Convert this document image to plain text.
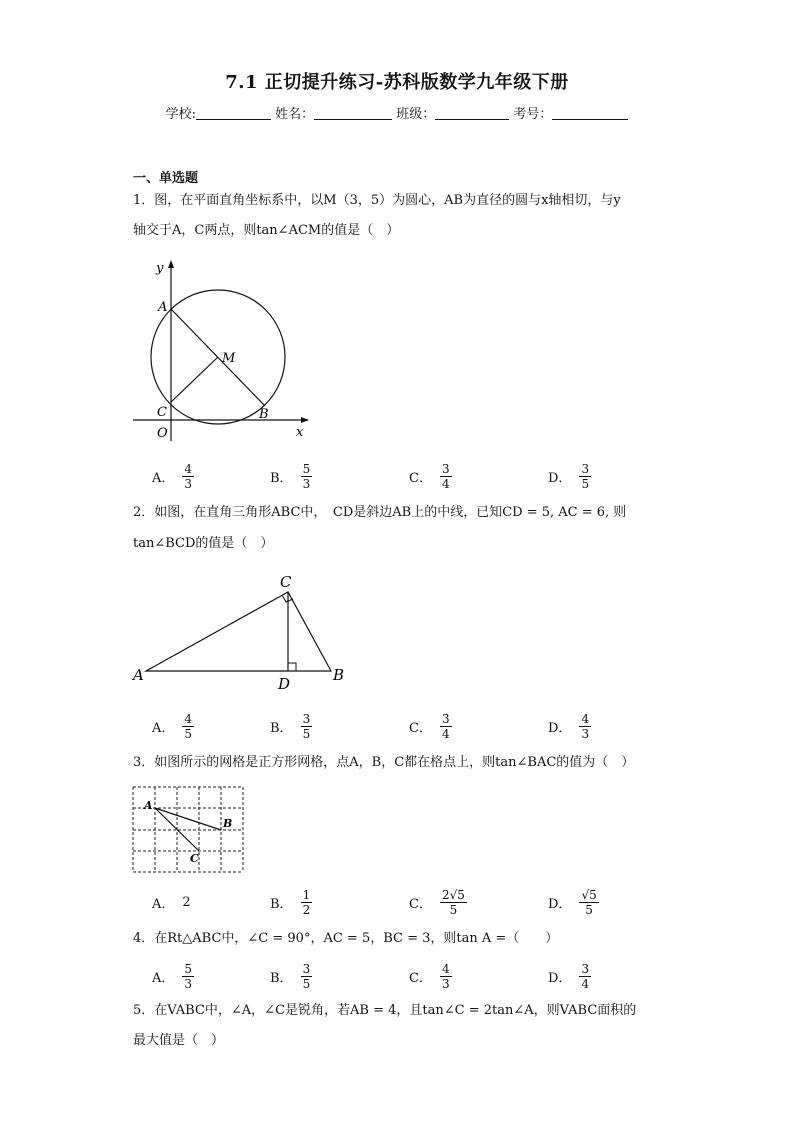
7.1 正切提升练习-苏科版数学九年级下册
学校:	姓名：	班级：	考号：
一、单选题
1．图，在平面直角坐标系中，以M（3，5）为圆心，AB为直径的圆与x轴相切，与y
轴交于A，C两点，则tan∠ACM的值是（　）
y
A
M
C	B
O	x
A． $\frac{4}{3}$	B． $\frac{5}{3}$	C． $\frac{3}{4}$	D． $\frac{3}{5}$
2．如图，在直角三角形ABC中，　CD是斜边AB上的中线，已知CD = 5, AC = 6, 则
tan∠BCD的值是（　）
A
C
D	B
A． $\frac{4}{5}$	B． $\frac{3}{5}$	C． $\frac{3}{4}$	D． $\frac{4}{3}$
3．如图所示的网格是正方形网格，点A，B，C都在格点上，则tan∠BAC的值为（　）
A
B
C
A． 2	B． $\frac{1}{2}$	C． $\frac{2√5}{5}$	D． $\frac{√5}{5}$
4．在Rt△ABC中，∠C = 90°，AC = 5，BC = 3，则tan A =（　　）
A． $\frac{5}{3}$	B． $\frac{3}{5}$	C． $\frac{4}{3}$	D． $\frac{3}{4}$
5．在VABC中，∠A，∠C是锐角，若AB = 4，且tan∠C = 2tan∠A，则VABC面积的
最大值是（　）
